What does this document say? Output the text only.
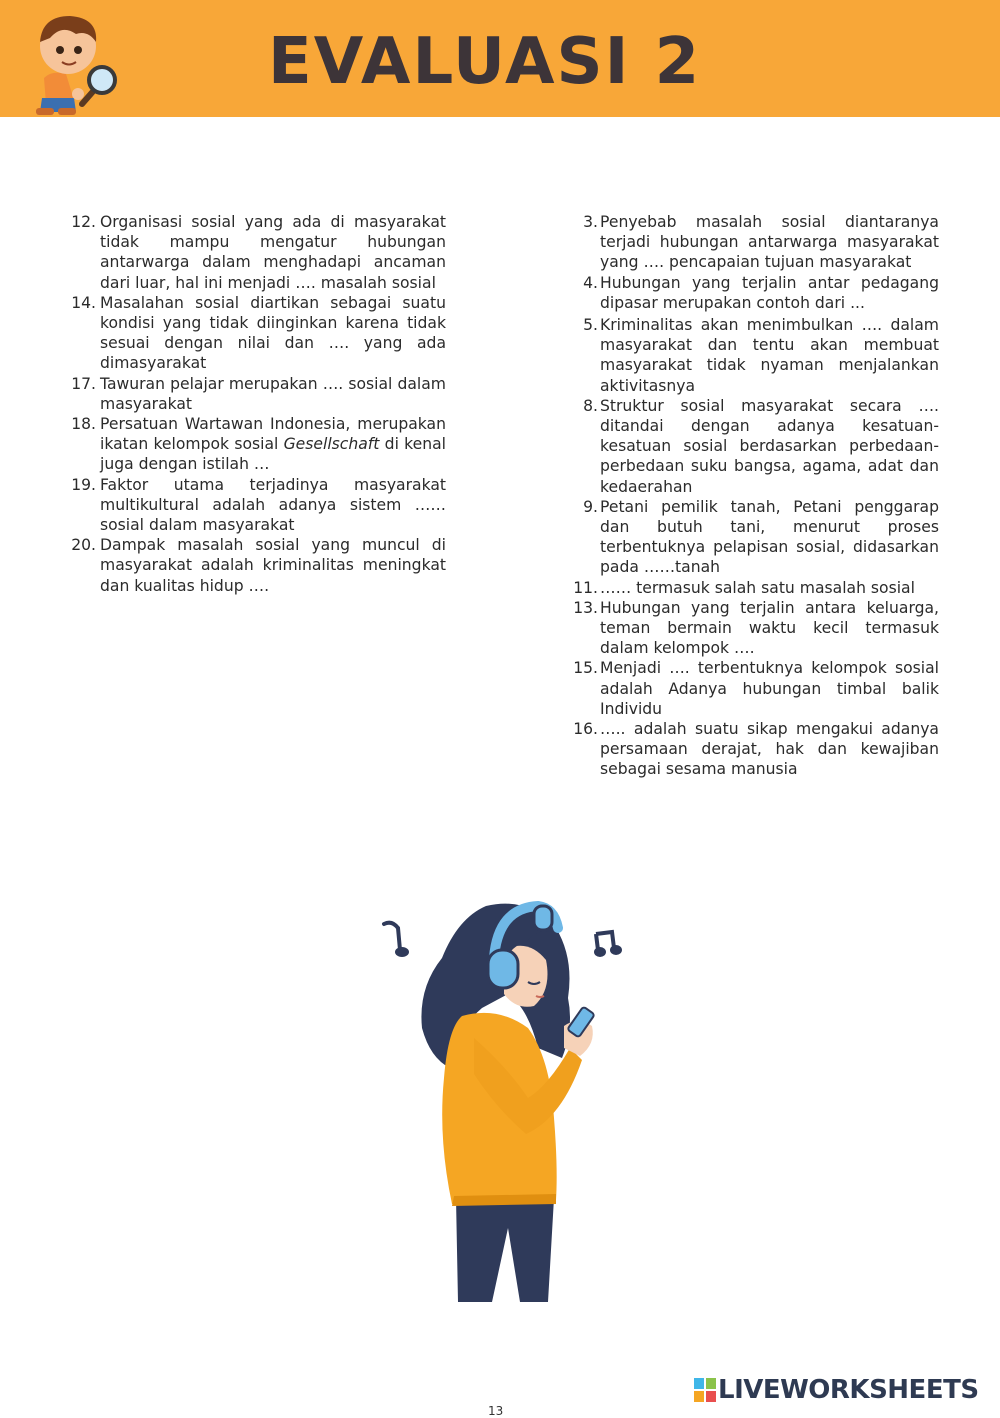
EVALUASI 2
12. Organisasi sosial yang ada di masyarakat tidak mampu mengatur hubungan antarwarga dalam menghadapi ancaman dari luar, hal ini menjadi …. masalah sosial
14. Masalahan sosial diartikan sebagai suatu kondisi yang tidak diinginkan karena tidak sesuai dengan nilai dan …. yang ada dimasyarakat
17. Tawuran pelajar merupakan …. sosial dalam masyarakat
18. Persatuan Wartawan Indonesia, merupakan ikatan kelompok sosial Gesellschaft di kenal juga dengan istilah …
19. Faktor utama terjadinya masyarakat multikultural adalah adanya sistem …… sosial dalam masyarakat
20. Dampak masalah sosial yang muncul di masyarakat adalah kriminalitas meningkat dan kualitas hidup ….
3. Penyebab masalah sosial diantaranya terjadi hubungan antarwarga masyarakat yang …. pencapaian tujuan masyarakat
4. Hubungan yang terjalin antar pedagang dipasar merupakan contoh dari ...
5. Kriminalitas akan menimbulkan …. dalam masyarakat dan tentu akan membuat masyarakat tidak nyaman menjalankan aktivitasnya
8. Struktur sosial masyarakat secara …. ditandai dengan adanya kesatuan-kesatuan sosial berdasarkan perbedaan-perbedaan suku bangsa, agama, adat dan kedaerahan
9. Petani pemilik tanah, Petani penggarap dan butuh tani, menurut proses terbentuknya pelapisan sosial, didasarkan pada ……tanah
11. …… termasuk salah satu masalah sosial
13. Hubungan yang terjalin antara keluarga, teman bermain waktu kecil termasuk dalam kelompok ….
15. Menjadi …. terbentuknya kelompok sosial adalah Adanya hubungan timbal balik Individu
16. ….. adalah suatu sikap mengakui adanya persamaan derajat, hak dan kewajiban sebagai sesama manusia
LIVEWORKSHEETS
13
